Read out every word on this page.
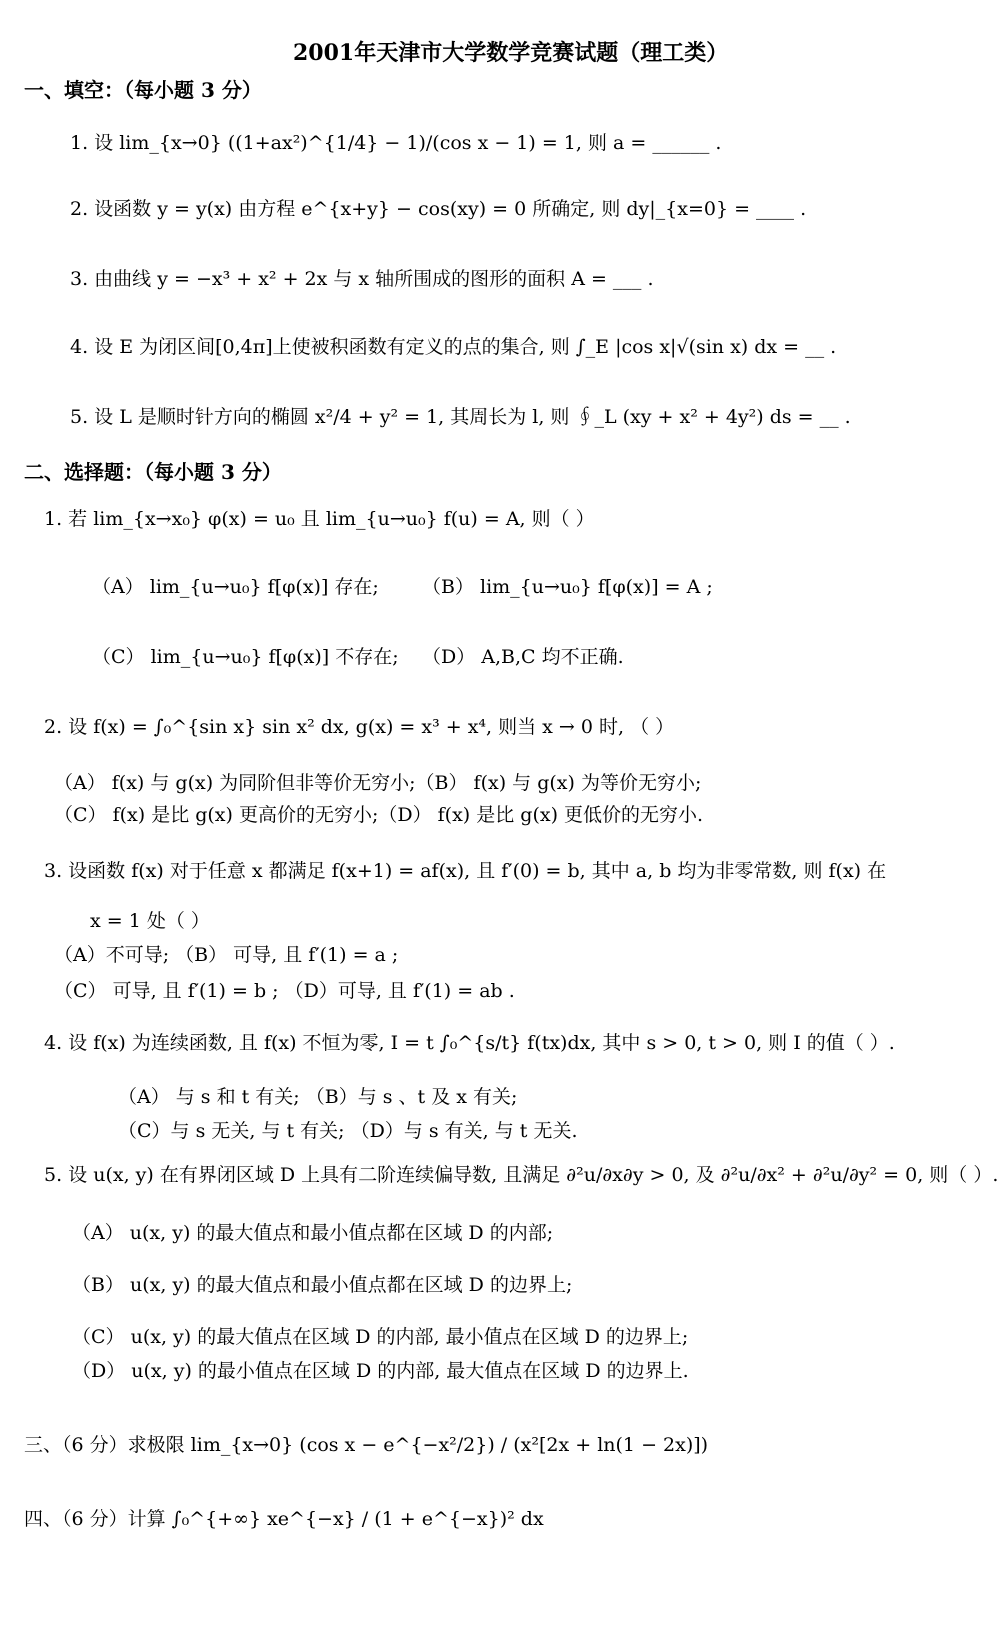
2001年天津市大学数学竞赛试题（理工类）
一、填空：（每小题 3 分）
1. 设 lim_{x→0} ((1+ax²)^{1/4} − 1)/(cos x − 1) = 1, 则 a = ______ .
2. 设函数 y = y(x) 由方程 e^{x+y} − cos(xy) = 0 所确定, 则 dy|_{x=0} = ____ .
3. 由曲线 y = −x³ + x² + 2x 与 x 轴所围成的图形的面积 A = ___ .
4. 设 E 为闭区间[0,4π]上使被积函数有定义的点的集合, 则 ∫_E |cos x|√(sin x) dx = __ .
5. 设 L 是顺时针方向的椭圆 x²/4 + y² = 1, 其周长为 l, 则 ∮_L (xy + x² + 4y²) ds = __ .
二、选择题：（每小题 3 分）
1. 若 lim_{x→x₀} φ(x) = u₀ 且 lim_{u→u₀} f(u) = A, 则（ ）
（A） lim_{u→u₀} f[φ(x)] 存在; （B） lim_{u→u₀} f[φ(x)] = A ;
（C） lim_{u→u₀} f[φ(x)] 不存在; （D） A,B,C 均不正确.
2. 设 f(x) = ∫₀^{sin x} sin x² dx, g(x) = x³ + x⁴, 则当 x → 0 时, （ ）
（A） f(x) 与 g(x) 为同阶但非等价无穷小;（B） f(x) 与 g(x) 为等价无穷小;
（C） f(x) 是比 g(x) 更高价的无穷小;（D） f(x) 是比 g(x) 更低价的无穷小.
3. 设函数 f(x) 对于任意 x 都满足 f(x+1) = af(x), 且 f′(0) = b, 其中 a, b 均为非零常数, 则 f(x) 在
x = 1 处（ ）
（A）不可导; （B） 可导, 且 f′(1) = a ;
（C） 可导, 且 f′(1) = b ; （D）可导, 且 f′(1) = ab .
4. 设 f(x) 为连续函数, 且 f(x) 不恒为零, I = t ∫₀^{s/t} f(tx)dx, 其中 s > 0, t > 0, 则 I 的值（ ）.
（A） 与 s 和 t 有关; （B）与 s 、t 及 x 有关;
（C）与 s 无关, 与 t 有关; （D）与 s 有关, 与 t 无关.
5. 设 u(x, y) 在有界闭区域 D 上具有二阶连续偏导数, 且满足 ∂²u/∂x∂y > 0, 及 ∂²u/∂x² + ∂²u/∂y² = 0, 则（ ）.
（A） u(x, y) 的最大值点和最小值点都在区域 D 的内部;
（B） u(x, y) 的最大值点和最小值点都在区域 D 的边界上;
（C） u(x, y) 的最大值点在区域 D 的内部, 最小值点在区域 D 的边界上;
（D） u(x, y) 的最小值点在区域 D 的内部, 最大值点在区域 D 的边界上.
三、（6 分）求极限 lim_{x→0} (cos x − e^{−x²/2}) / (x²[2x + ln(1 − 2x)])
四、（6 分）计算 ∫₀^{+∞} xe^{−x} / (1 + e^{−x})² dx
